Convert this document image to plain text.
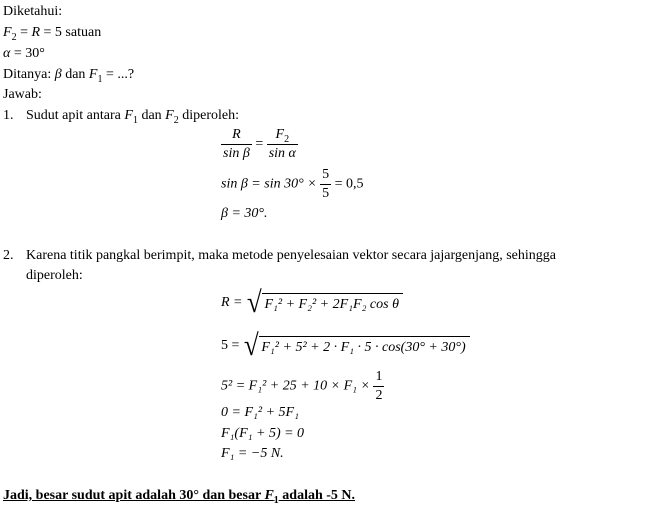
Diketahui:
$F_2 = R = 5$ satuan
α = 30°
Ditanya: β dan $F_1$ = ...?
Jawab:
1. Sudut apit antara $F_1$ dan $F_2$ diperoleh:
$\frac{R}{\text{sin β}} = \frac{F_2}{\text{sin α}}$
$\sin \beta = \sin 30^\circ \times \frac{5}{5} = 0,5$
β = 30°.
2. Karena titik pangkal berimpit, maka metode penyelesaian vektor secara jajargenjang, sehingga
diperoleh:
R = √ F₁² + F₂² + 2F₁F₂ cos θ
5 = √ F₁² + 5² + 2 · F₁ · 5 · cos(30° + 30°)
$5^2 = F_1^2 + 25 + 10 \times F_1 \times \frac{1}{2}$
0 = F₁² + 5F₁
F₁(F₁ + 5) = 0
F₁ = −5 N.
Jadi, besar sudut apit adalah 30° dan besar $F_1$ adalah -5 N.
